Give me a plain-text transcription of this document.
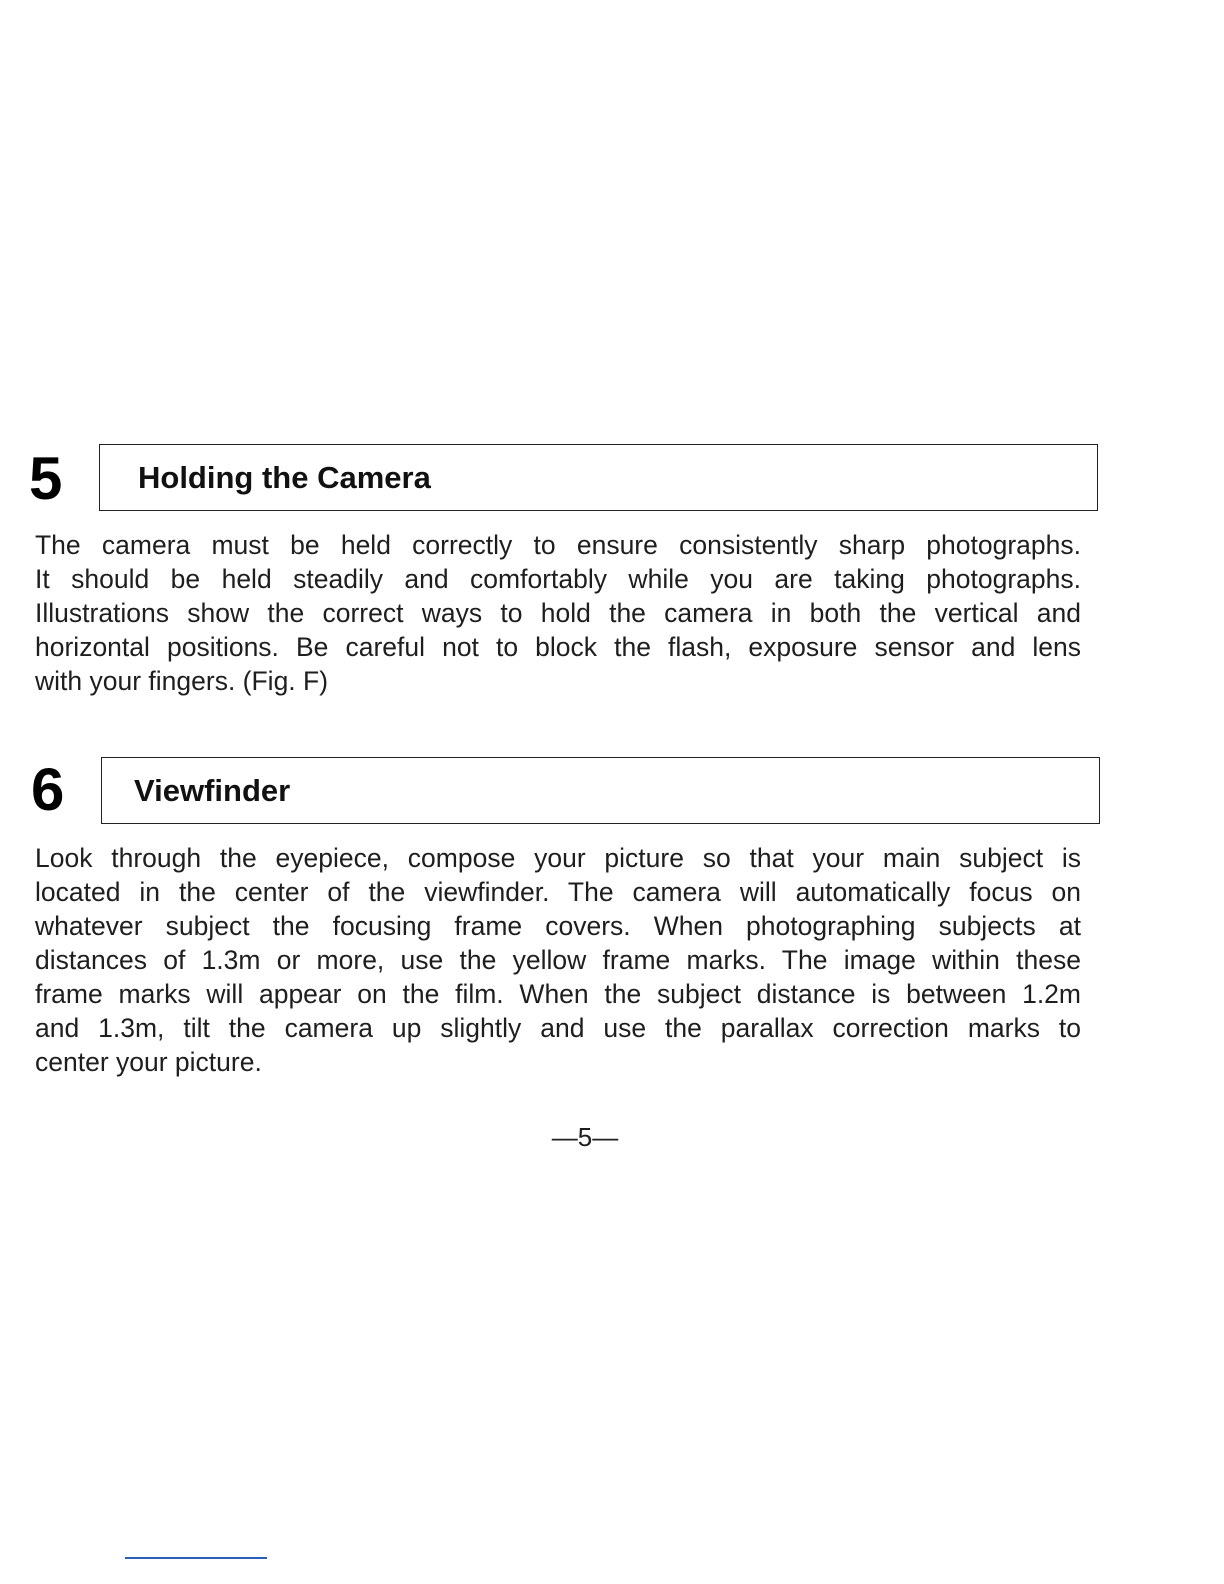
5 Holding the Camera
The camera must be held correctly to ensure consistently sharp photographs.
It should be held steadily and comfortably while you are taking photographs.
Illustrations show the correct ways to hold the camera in both the vertical and
horizontal positions. Be careful not to block the flash, exposure sensor and lens
with your fingers. (Fig. F)
6 Viewfinder
Look through the eyepiece, compose your picture so that your main subject is
located in the center of the viewfinder. The camera will automatically focus on
whatever subject the focusing frame covers. When photographing subjects at
distances of 1.3m or more, use the yellow frame marks. The image within these
frame marks will appear on the film. When the subject distance is between 1.2m
and 1.3m, tilt the camera up slightly and use the parallax correction marks to
center your picture.
—5—
